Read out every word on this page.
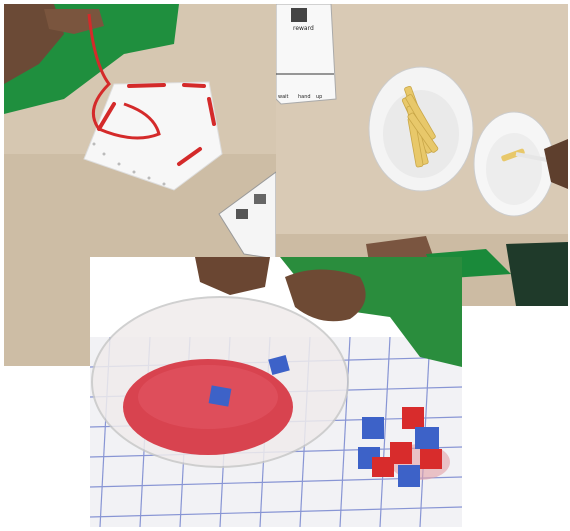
reward
wait hand up
